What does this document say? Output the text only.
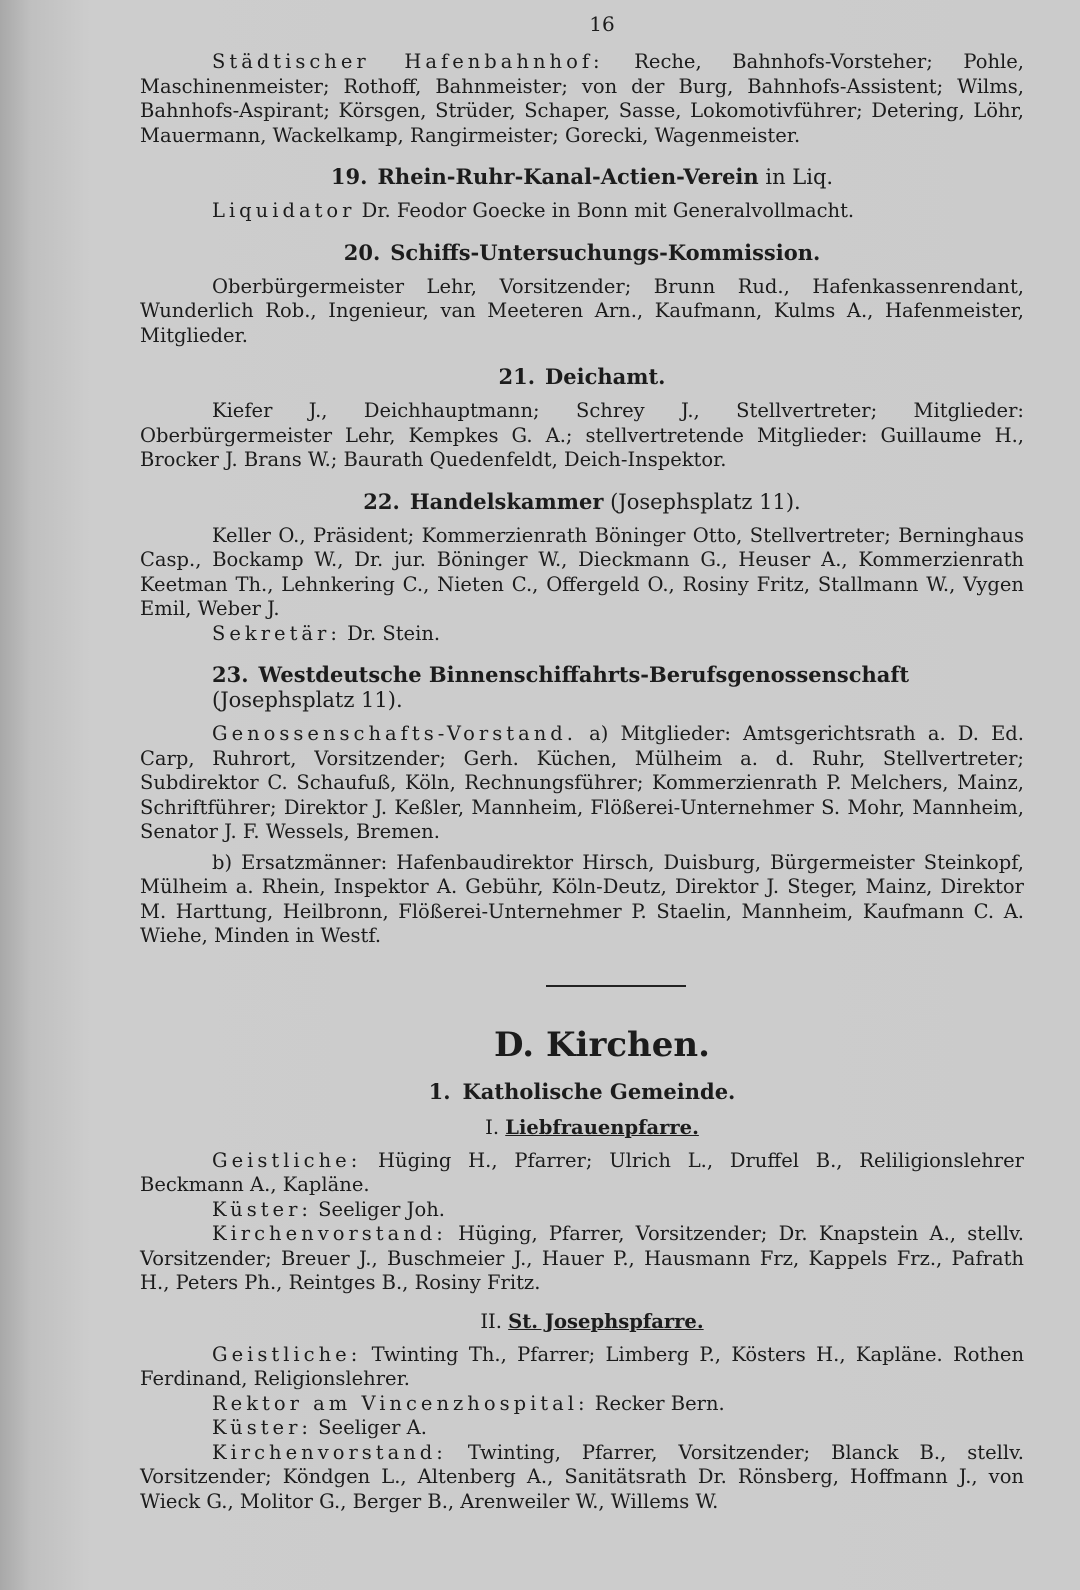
16

Städtischer Hafenbahnhof: Reche, Bahnhofs-Vorsteher; Pohle, Maschinenmeister; Rothoff, Bahnmeister; von der Burg, Bahnhofs-Assistent; Wilms, Bahnhofs-Aspirant; Körsgen, Strüder, Schaper, Sasse, Lokomotivführer; Detering, Löhr, Mauermann, Wackelkamp, Rangirmeister; Gorecki, Wagenmeister.

19. Rhein-Ruhr-Kanal-Actien-Verein in Liq.

Liquidator Dr. Feodor Goecke in Bonn mit Generalvollmacht.

20. Schiffs-Untersuchungs-Kommission.

Oberbürgermeister Lehr, Vorsitzender; Brunn Rud., Hafenkassenrendant, Wunderlich Rob., Ingenieur, van Meeteren Arn., Kaufmann, Kulms A., Hafenmeister, Mitglieder.

21. Deichamt.

Kiefer J., Deichhauptmann; Schrey J., Stellvertreter; Mitglieder: Oberbürgermeister Lehr, Kempkes G. A.; stellvertretende Mitglieder: Guillaume H., Brocker J. Brans W.; Baurath Quedenfeldt, Deich-Inspektor.

22. Handelskammer (Josephsplatz 11).

Keller O., Präsident; Kommerzienrath Böninger Otto, Stellvertreter; Berninghaus Casp., Bockamp W., Dr. jur. Böninger W., Dieckmann G., Heuser A., Kommerzienrath Keetman Th., Lehnkering C., Nieten C., Offergeld O., Rosiny Fritz, Stallmann W., Vygen Emil, Weber J.

Sekretär: Dr. Stein.

23. Westdeutsche Binnenschiffahrts-Berufsgenossenschaft (Josephsplatz 11).

Genossenschafts-Vorstand. a) Mitglieder: Amtsgerichtsrath a. D. Ed. Carp, Ruhrort, Vorsitzender; Gerh. Küchen, Mülheim a. d. Ruhr, Stellvertreter; Subdirektor C. Schaufuß, Köln, Rechnungsführer; Kommerzienrath P. Melchers, Mainz, Schriftführer; Direktor J. Keßler, Mannheim, Flößerei-Unternehmer S. Mohr, Mannheim, Senator J. F. Wessels, Bremen.

b) Ersatzmänner: Hafenbaudirektor Hirsch, Duisburg, Bürgermeister Steinkopf, Mülheim a. Rhein, Inspektor A. Gebühr, Köln-Deutz, Direktor J. Steger, Mainz, Direktor M. Harttung, Heilbronn, Flößerei-Unternehmer P. Staelin, Mannheim, Kaufmann C. A. Wiehe, Minden in Westf.

D. Kirchen.
1. Katholische Gemeinde.
I. Liebfrauenpfarre.

Geistliche: Hüging H., Pfarrer; Ulrich L., Druffel B., Reliligionslehrer Beckmann A., Kapläne.

Küster: Seeliger Joh.

Kirchenvorstand: Hüging, Pfarrer, Vorsitzender; Dr. Knapstein A., stellv. Vorsitzender; Breuer J., Buschmeier J., Hauer P., Hausmann Frz, Kappels Frz., Pafrath H., Peters Ph., Reintges B., Rosiny Fritz.

II. St. Josephspfarre.

Geistliche: Twinting Th., Pfarrer; Limberg P., Kösters H., Kapläne. Rothen Ferdinand, Religionslehrer.

Rektor am Vincenzhospital: Recker Bern.

Küster: Seeliger A.

Kirchenvorstand: Twinting, Pfarrer, Vorsitzender; Blanck B., stellv. Vorsitzender; Köndgen L., Altenberg A., Sanitätsrath Dr. Rönsberg, Hoffmann J., von Wieck G., Molitor G., Berger B., Arenweiler W., Willems W.
